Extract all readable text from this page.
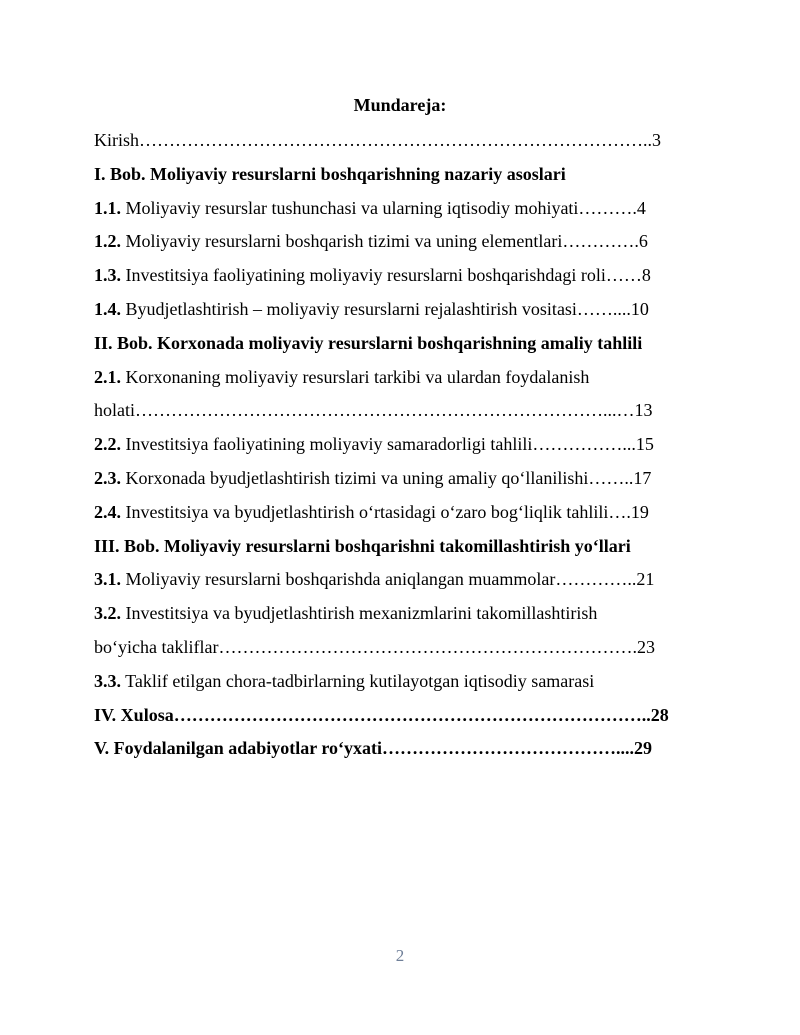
Mundareja:
Kirish…………………………………………………………………………..3
I. Bob. Moliyaviy resurslarni boshqarishning nazariy asoslari
1.1. Moliyaviy resurslar tushunchasi va ularning iqtisodiy mohiyati……….4
1.2. Moliyaviy resurslarni boshqarish tizimi va uning elementlari………….6
1.3. Investitsiya faoliyatining moliyaviy resurslarni boshqarishdagi roli……8
1.4. Byudjetlashtirish – moliyaviy resurslarni rejalashtirish vositasi……....10
II. Bob. Korxonada moliyaviy resurslarni boshqarishning amaliy tahlili
2.1. Korxonaning moliyaviy resurslari tarkibi va ulardan foydalanish
holati……………………………………………………………………...…13
2.2. Investitsiya faoliyatining moliyaviy samaradorligi tahlili……………...15
2.3. Korxonada byudjetlashtirish tizimi va uning amaliy qo‘llanilishi……..17
2.4. Investitsiya va byudjetlashtirish o‘rtasidagi o‘zaro bog‘liqlik tahlili….19
III. Bob. Moliyaviy resurslarni boshqarishni takomillashtirish yo‘llari
3.1. Moliyaviy resurslarni boshqarishda aniqlangan muammolar…………..21
3.2. Investitsiya va byudjetlashtirish mexanizmlarini takomillashtirish
bo‘yicha takliflar…………………………………………………………….23
3.3. Taklif etilgan chora-tadbirlarning kutilayotgan iqtisodiy samarasi
IV. Xulosa……………………………………………………………………..28
V. Foydalanilgan adabiyotlar ro‘yxati…………………………………....29
2
